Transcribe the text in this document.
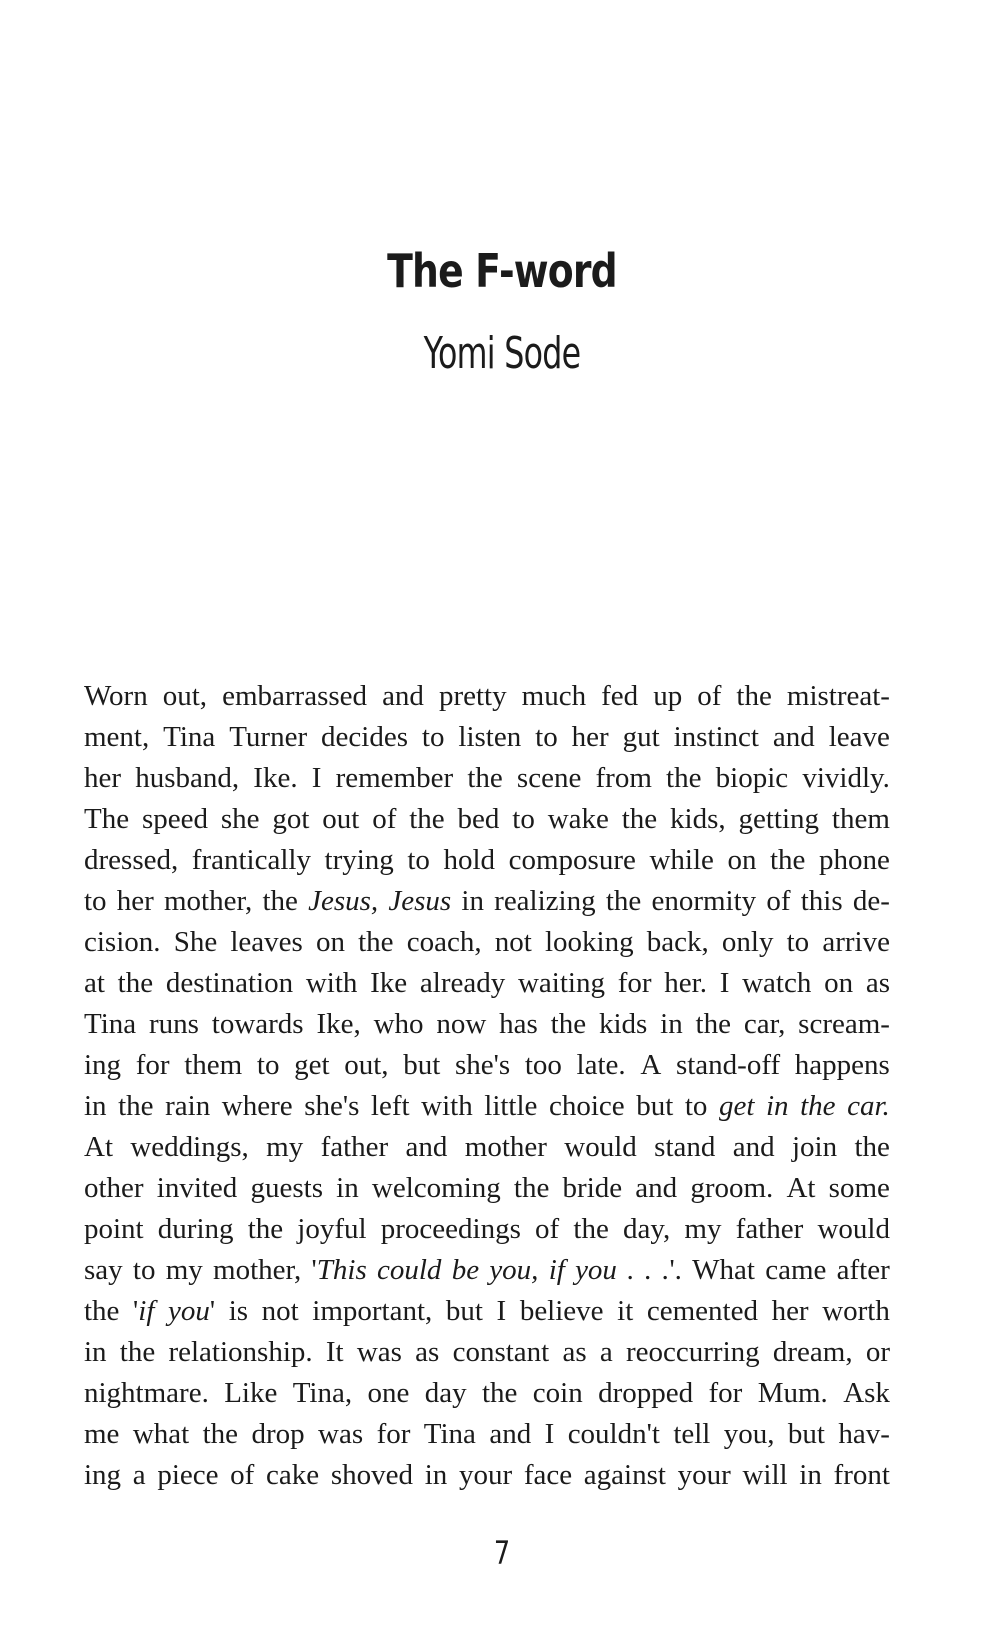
The F-word
Yomi Sode
Worn out, embarrassed and pretty much fed up of the mistreat-
ment, Tina Turner decides to listen to her gut instinct and leave
her husband, Ike. I remember the scene from the biopic vividly.
The speed she got out of the bed to wake the kids, getting them
dressed, frantically trying to hold composure while on the phone
to her mother, the Jesus, Jesus in realizing the enormity of this de-
cision. She leaves on the coach, not looking back, only to arrive
at the destination with Ike already waiting for her. I watch on as
Tina runs towards Ike, who now has the kids in the car, scream-
ing for them to get out, but she's too late. A stand-off happens
in the rain where she's left with little choice but to get in the car.
At weddings, my father and mother would stand and join the
other invited guests in welcoming the bride and groom. At some
point during the joyful proceedings of the day, my father would
say to my mother, 'This could be you, if you . . .'. What came after
the 'if you' is not important, but I believe it cemented her worth
in the relationship. It was as constant as a reoccurring dream, or
nightmare. Like Tina, one day the coin dropped for Mum. Ask
me what the drop was for Tina and I couldn't tell you, but hav-
ing a piece of cake shoved in your face against your will in front
7
